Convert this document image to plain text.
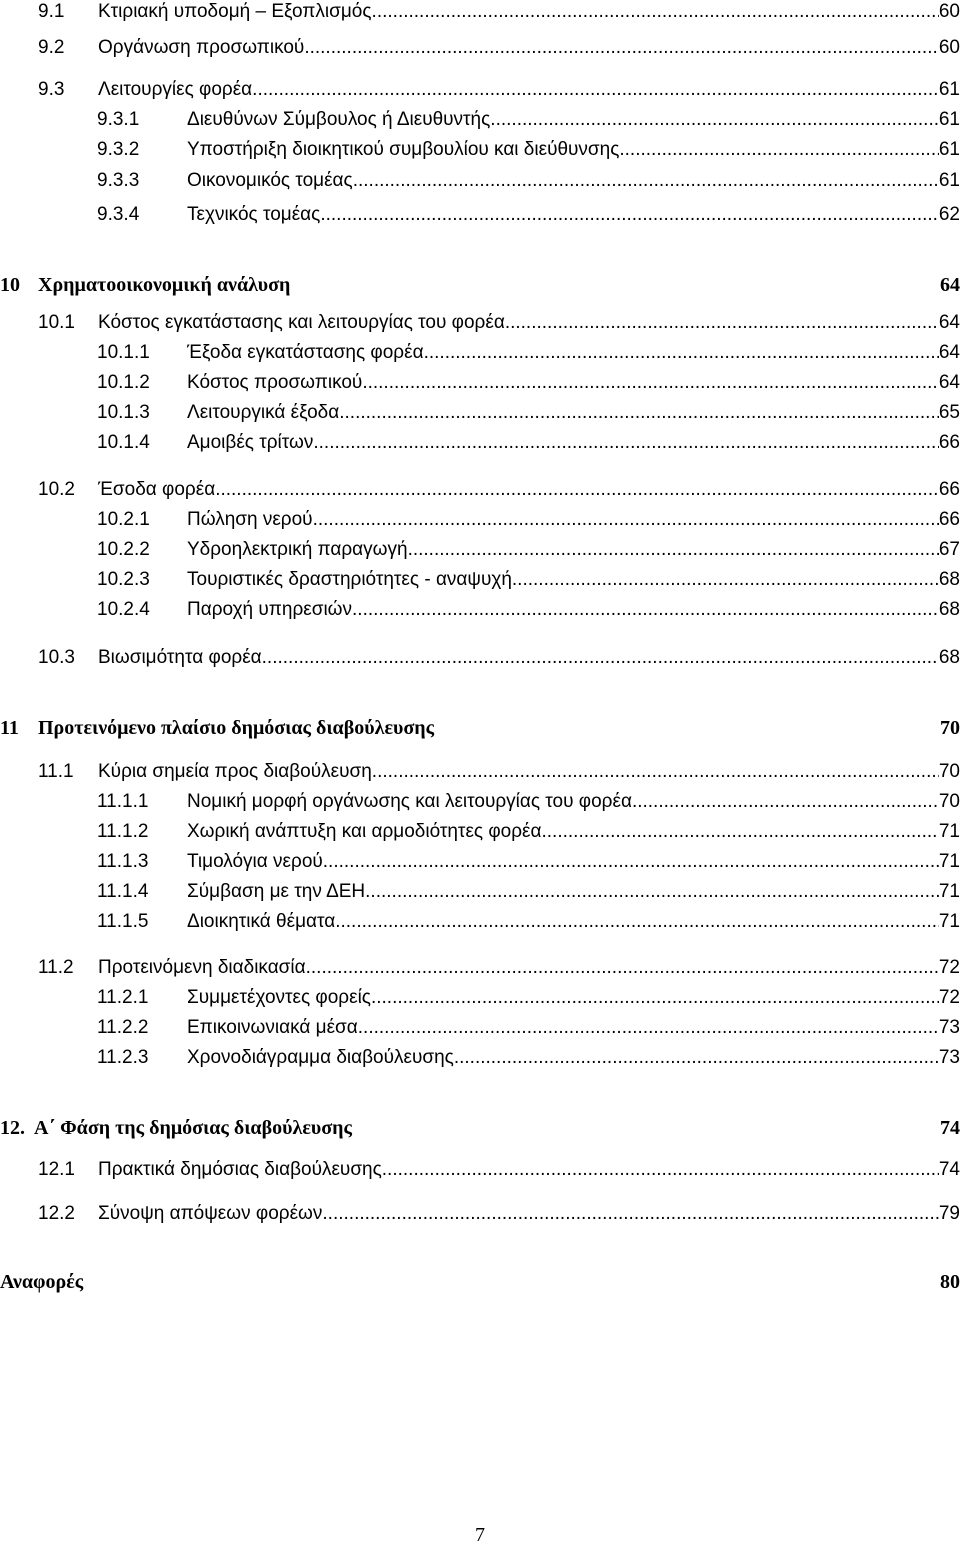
9.1	Κτιριακή υποδομή – Εξοπλισμός .....	60
9.2	Οργάνωση προσωπικού .....	60
9.3	Λειτουργίες φορέα .....	61
9.3.1	Διευθύνων Σύμβουλος ή Διευθυντής .....	61
9.3.2	Υποστήριξη διοικητικού συμβουλίου και διεύθυνσης .....	61
9.3.3	Οικονομικός τομέας .....	61
9.3.4	Τεχνικός τομέας .....	62
10 Χρηματοοικονομική ανάλυση	64
10.1	Κόστος εγκατάστασης και λειτουργίας του φορέα .....	64
10.1.1	Έξοδα εγκατάστασης φορέα .....	64
10.1.2	Κόστος προσωπικού .....	64
10.1.3	Λειτουργικά έξοδα .....	65
10.1.4	Αμοιβές τρίτων .....	66
10.2	Έσοδα φορέα .....	66
10.2.1	Πώληση νερού .....	66
10.2.2	Υδροηλεκτρική παραγωγή .....	67
10.2.3	Τουριστικές δραστηριότητες - αναψυχή .....	68
10.2.4	Παροχή υπηρεσιών .....	68
10.3	Βιωσιμότητα φορέα .....	68
11 Προτεινόμενο πλαίσιο δημόσιας διαβούλευσης	70
11.1	Κύρια σημεία προς διαβούλευση .....	70
11.1.1	Νομική μορφή οργάνωσης και λειτουργίας του φορέα .....	70
11.1.2	Χωρική ανάπτυξη και αρμοδιότητες φορέα .....	71
11.1.3	Τιμολόγια νερού .....	71
11.1.4	Σύμβαση με την ΔΕΗ .....	71
11.1.5	Διοικητικά θέματα .....	71
11.2	Προτεινόμενη διαδικασία .....	72
11.2.1	Συμμετέχοντες φορείς .....	72
11.2.2	Επικοινωνιακά μέσα .....	73
11.2.3	Χρονοδιάγραμμα διαβούλευσης .....	73
12. Α΄ Φάση της δημόσιας διαβούλευσης	74
12.1	Πρακτικά δημόσιας διαβούλευσης .....	74
12.2	Σύνοψη απόψεων φορέων .....	79
Αναφορές	80
7
